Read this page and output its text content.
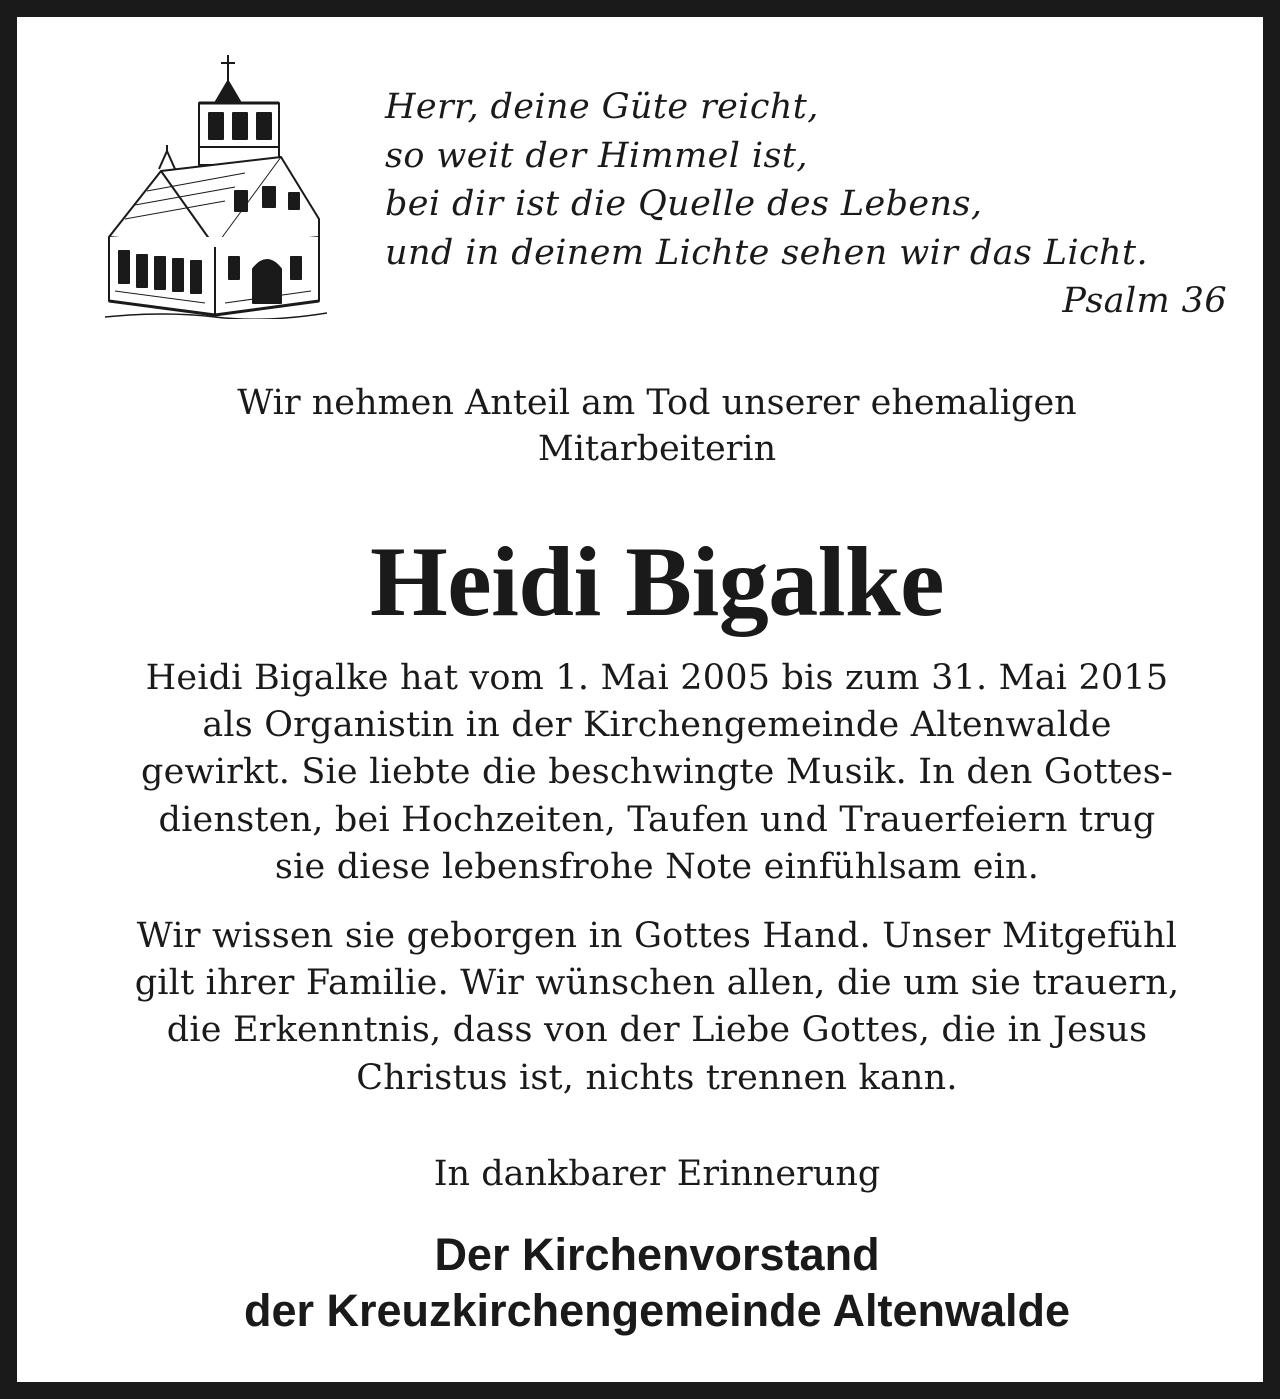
Herr, deine Güte reicht,
so weit der Himmel ist,
bei dir ist die Quelle des Lebens,
und in deinem Lichte sehen wir das Licht.
Psalm 36
Wir nehmen Anteil am Tod unserer ehemaligen
Mitarbeiterin
Heidi Bigalke
Heidi Bigalke hat vom 1. Mai 2005 bis zum 31. Mai 2015
als Organistin in der Kirchengemeinde Altenwalde
gewirkt. Sie liebte die beschwingte Musik. In den Gottes-
diensten, bei Hochzeiten, Taufen und Trauerfeiern trug
sie diese lebensfrohe Note einfühlsam ein.
Wir wissen sie geborgen in Gottes Hand. Unser Mitgefühl
gilt ihrer Familie. Wir wünschen allen, die um sie trauern,
die Erkenntnis, dass von der Liebe Gottes, die in Jesus
Christus ist, nichts trennen kann.
In dankbarer Erinnerung
Der Kirchenvorstand
der Kreuzkirchengemeinde Altenwalde
